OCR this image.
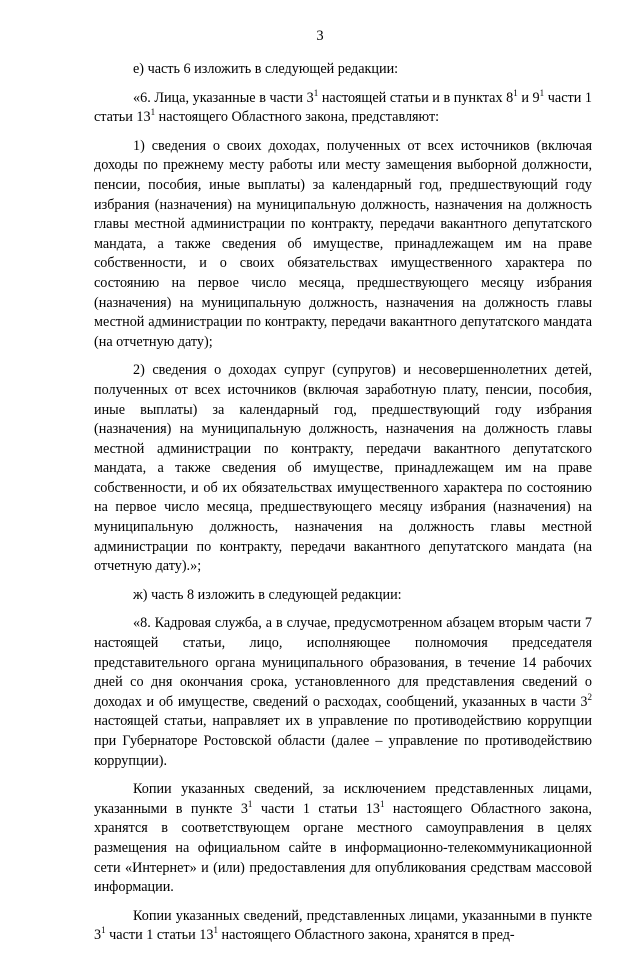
3

е) часть 6 изложить в следующей редакции:

«6. Лица, указанные в части $3^1$ настоящей статьи и в пунктах $8^1$ и $9^1$ части 1 статьи $13^1$ настоящего Областного закона, представляют:

1) сведения о своих доходах, полученных от всех источников (включая доходы по прежнему месту работы или месту замещения выборной должности, пенсии, пособия, иные выплаты) за календарный год, предшествующий году избрания (назначения) на муниципальную должность, назначения на должность главы местной администрации по контракту, передачи вакантного депутатского мандата, а также сведения об имуществе, принадлежащем им на праве собственности, и о своих обязательствах имущественного характера по состоянию на первое число месяца, предшествующего месяцу избрания (назначения) на муниципальную должность, назначения на должность главы местной администрации по контракту, передачи вакантного депутатского мандата (на отчетную дату);

2) сведения о доходах супруг (супругов) и несовершеннолетних детей, полученных от всех источников (включая заработную плату, пенсии, пособия, иные выплаты) за календарный год, предшествующий году избрания (назначения) на муниципальную должность, назначения на должность главы местной администрации по контракту, передачи вакантного депутатского мандата, а также сведения об имуществе, принадлежащем им на праве собственности, и об их обязательствах имущественного характера по состоянию на первое число месяца, предшествующего месяцу избрания (назначения) на муниципальную должность, назначения на должность главы местной администрации по контракту, передачи вакантного депутатского мандата (на отчетную дату).»;

ж) часть 8 изложить в следующей редакции:

«8. Кадровая служба, а в случае, предусмотренном абзацем вторым части 7 настоящей статьи, лицо, исполняющее полномочия председателя представительного органа муниципального образования, в течение 14 рабочих дней со дня окончания срока, установленного для представления сведений о доходах и об имуществе, сведений о расходах, сообщений, указанных в части $3^2$ настоящей статьи, направляет их в управление по противодействию коррупции при Губернаторе Ростовской области (далее – управление по противодействию коррупции).

Копии указанных сведений, за исключением представленных лицами, указанными в пункте $3^1$ части 1 статьи $13^1$ настоящего Областного закона, хранятся в соответствующем органе местного самоуправления в целях размещения на официальном сайте в информационно-телекоммуникационной сети «Интернет» и (или) предоставления для опубликования средствам массовой информации.

Копии указанных сведений, представленных лицами, указанными в пункте $3^1$ части 1 статьи $13^1$ настоящего Областного закона, хранятся в пред-
